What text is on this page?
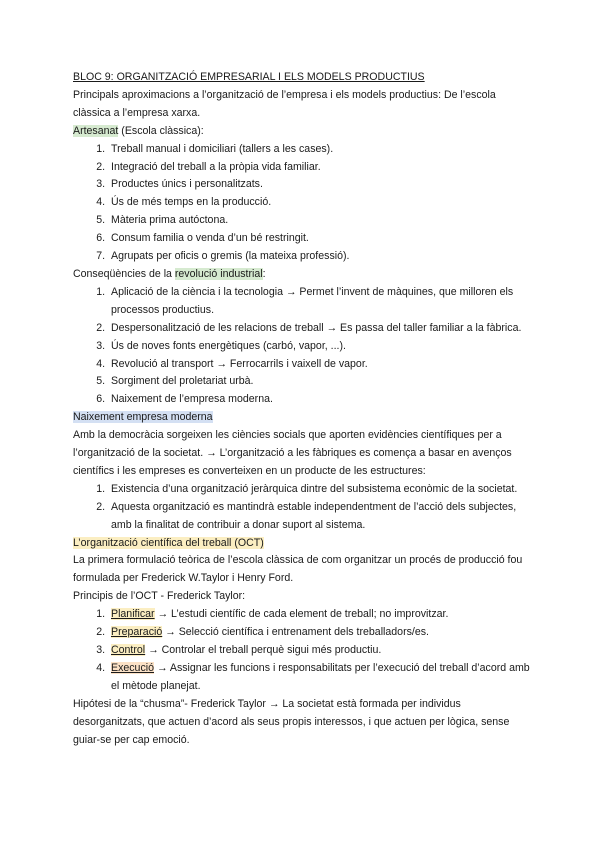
BLOC 9: ORGANITZACIÓ EMPRESARIAL I ELS MODELS PRODUCTIUS

Principals aproximacions a l’organització de l’empresa i els models productius: De l’escola clàssica a l’empresa xarxa.

Artesanat (Escola clàssica):

1. Treball manual i domiciliari (tallers a les cases).
2. Integració del treball a la pròpia vida familiar.
3. Productes únics i personalitzats.
4. Ús de més temps en la producció.
5. Màteria prima autóctona.
6. Consum familia o venda d’un bé restringit.
7. Agrupats per oficis o gremis (la mateixa professió).

Conseqüències de la revolució industrial:

1. Aplicació de la ciència i la tecnologia → Permet l’invent de màquines, que milloren els processos productius.
2. Despersonalització de les relacions de treball → Es passa del taller familiar a la fàbrica.
3. Ús de noves fonts energètiques (carbó, vapor, ...).
4. Revolució al transport → Ferrocarrils i vaixell de vapor.
5. Sorgiment del proletariat urbà.
6. Naixement de l’empresa moderna.

Naixement empresa moderna

Amb la democràcia sorgeixen les ciències socials que aporten evidències científiques per a l’organització de la societat. → L’organització a les fàbriques es comença a basar en avenços científics i les empreses es converteixen en un producte de les estructures:

1. Existencia d’una organització jeràrquica dintre del subsistema econòmic de la societat.
2. Aquesta organització es mantindrà estable independentment de l’acció dels subjectes, amb la finalitat de contribuir a donar suport al sistema.

L’organització científica del treball (OCT)

La primera formulació teòrica de l’escola clàssica de com organitzar un procés de producció fou formulada per Frederick W.Taylor i Henry Ford.

Principis de l’OCT - Frederick Taylor:

1. Planificar → L’estudi científic de cada element de treball; no improvitzar.
2. Preparació → Selecció científica i entrenament dels treballadors/es.
3. Control → Controlar el treball perquè sigui més productiu.
4. Execució → Assignar les funcions i responsabilitats per l’execució del treball d’acord amb el mètode planejat.

Hipótesi de la “chusma”- Frederick Taylor → La societat està formada per individus desorganitzats, que actuen d’acord als seus propis interessos, i que actuen per lògica, sense guiar-se per cap emoció.
